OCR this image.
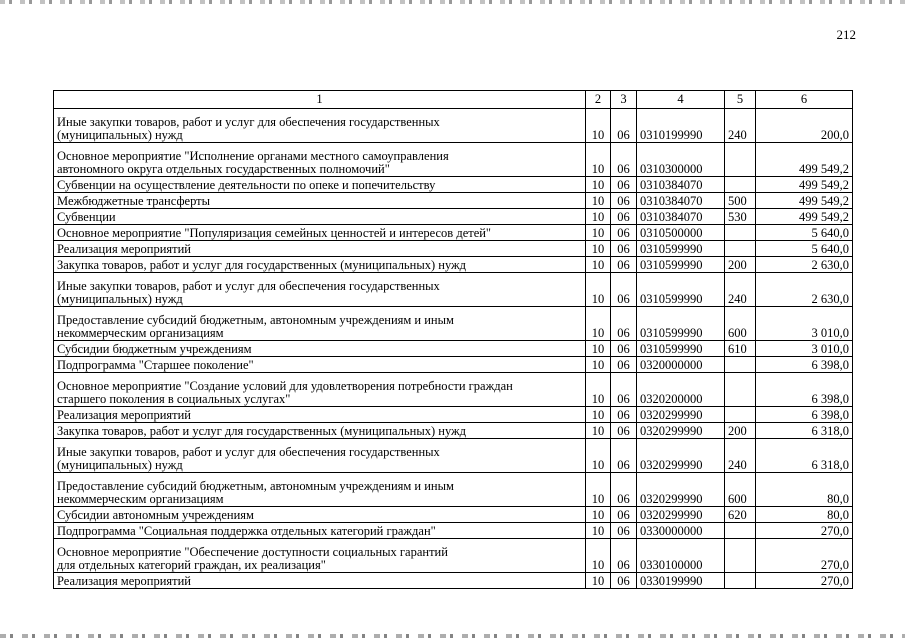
212
1	2	3	4	5	6
Иные закупки товаров, работ и услуг для обеспечения государственных
(муниципальных) нужд	10	06	0310199990	240	200,0
Основное мероприятие "Исполнение органами местного самоуправления
автономного округа отдельных государственных полномочий"	10	06	0310300000		499 549,2
Субвенции на осуществление деятельности по опеке и попечительству	10	06	0310384070		499 549,2
Межбюджетные трансферты	10	06	0310384070	500	499 549,2
Субвенции	10	06	0310384070	530	499 549,2
Основное мероприятие "Популяризация семейных ценностей и интересов детей"	10	06	0310500000		5 640,0
Реализация мероприятий	10	06	0310599990		5 640,0
Закупка товаров, работ и услуг для государственных (муниципальных) нужд	10	06	0310599990	200	2 630,0
Иные закупки товаров, работ и услуг для обеспечения государственных
(муниципальных) нужд	10	06	0310599990	240	2 630,0
Предоставление субсидий бюджетным, автономным учреждениям и иным
некоммерческим организациям	10	06	0310599990	600	3 010,0
Субсидии бюджетным учреждениям	10	06	0310599990	610	3 010,0
Подпрограмма "Старшее поколение"	10	06	0320000000		6 398,0
Основное мероприятие "Создание условий для удовлетворения потребности граждан
старшего поколения в социальных услугах"	10	06	0320200000		6 398,0
Реализация мероприятий	10	06	0320299990		6 398,0
Закупка товаров, работ и услуг для государственных (муниципальных) нужд	10	06	0320299990	200	6 318,0
Иные закупки товаров, работ и услуг для обеспечения государственных
(муниципальных) нужд	10	06	0320299990	240	6 318,0
Предоставление субсидий бюджетным, автономным учреждениям и иным
некоммерческим организациям	10	06	0320299990	600	80,0
Субсидии автономным учреждениям	10	06	0320299990	620	80,0
Подпрограмма "Социальная поддержка отдельных категорий граждан"	10	06	0330000000		270,0
Основное мероприятие "Обеспечение доступности социальных гарантий
для отдельных категорий граждан, их реализация"	10	06	0330100000		270,0
Реализация мероприятий	10	06	0330199990		270,0
